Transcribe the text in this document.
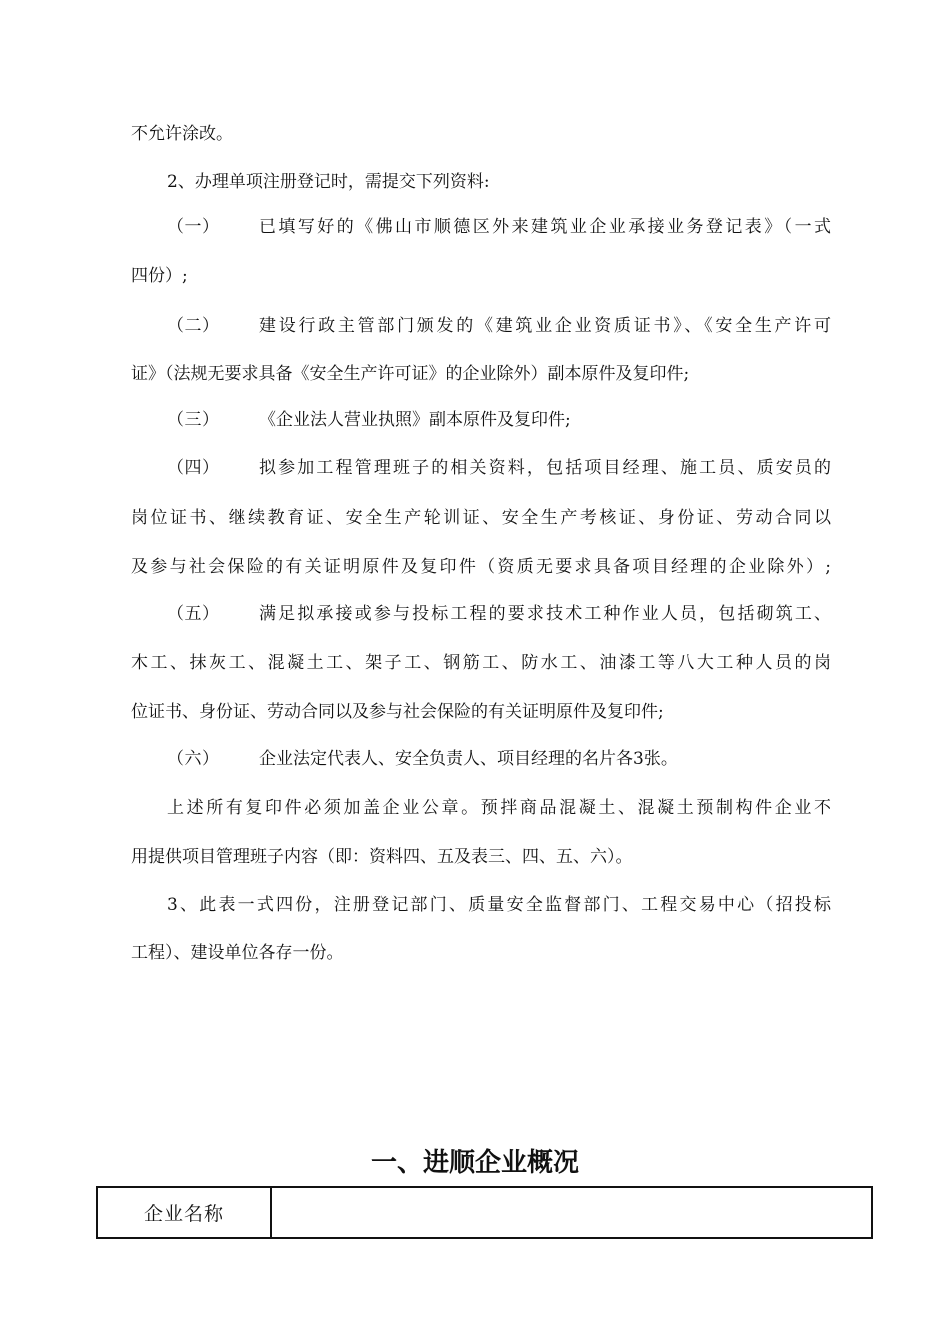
不允许涂改。
2、办理单项注册登记时，需提交下列资料:
（一） 已填写好的《佛山市顺德区外来建筑业企业承接业务登记表》（一式
四份）;
（二） 建设行政主管部门颁发的《建筑业企业资质证书》、《安全生产许可
证》（法规无要求具备《安全生产许可证》的企业除外）副本原件及复印件;
（三） 《企业法人营业执照》副本原件及复印件;
（四） 拟参加工程管理班子的相关资料，包括项目经理、施工员、质安员的
岗位证书、继续教育证、安全生产轮训证、安全生产考核证、身份证、劳动合同以
及参与社会保险的有关证明原件及复印件（资质无要求具备项目经理的企业除外）;
（五） 满足拟承接或参与投标工程的要求技术工种作业人员，包括砌筑工、
木工、抹灰工、混凝土工、架子工、钢筋工、防水工、油漆工等八大工种人员的岗
位证书、身份证、劳动合同以及参与社会保险的有关证明原件及复印件;
（六） 企业法定代表人、安全负责人、项目经理的名片各3张。
上述所有复印件必须加盖企业公章。预拌商品混凝土、混凝土预制构件企业不
用提供项目管理班子内容（即：资料四、五及表三、四、五、六）。
3、此表一式四份，注册登记部门、质量安全监督部门、工程交易中心（招投标
工程）、建设单位各存一份。
一、进顺企业概况
企业名称	
